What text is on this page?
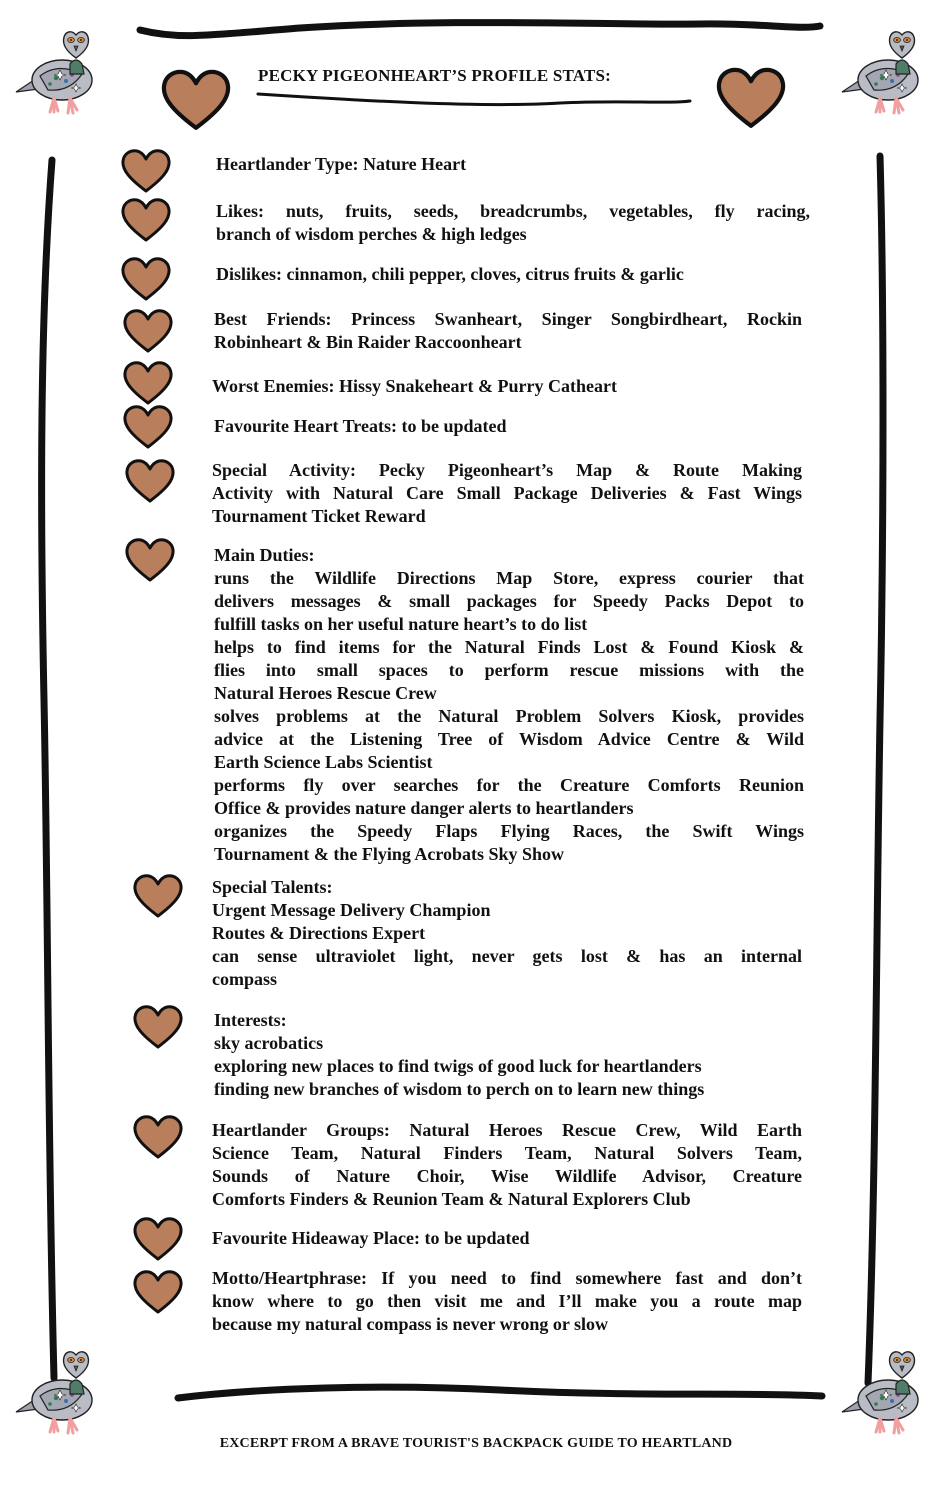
PECKY PIGEONHEART’S PROFILE STATS:
Heartlander Type: Nature Heart
Likes: nuts, fruits, seeds, breadcrumbs, vegetables, fly racing,
branch of wisdom perches & high ledges
Dislikes: cinnamon, chili pepper, cloves, citrus fruits & garlic
Best Friends: Princess Swanheart, Singer Songbirdheart, Rockin
Robinheart & Bin Raider Raccoonheart
Worst Enemies: Hissy Snakeheart & Purry Catheart
Favourite Heart Treats: to be updated
Special Activity: Pecky Pigeonheart’s Map & Route Making
Activity with Natural Care Small Package Deliveries & Fast Wings
Tournament Ticket Reward
Main Duties:
runs the Wildlife Directions Map Store, express courier that
delivers messages & small packages for Speedy Packs Depot to
fulfill tasks on her useful nature heart’s to do list
helps to find items for the Natural Finds Lost & Found Kiosk &
flies into small spaces to perform rescue missions with the
Natural Heroes Rescue Crew
solves problems at the Natural Problem Solvers Kiosk, provides
advice at the Listening Tree of Wisdom Advice Centre & Wild
Earth Science Labs Scientist
performs fly over searches for the Creature Comforts Reunion
Office & provides nature danger alerts to heartlanders
organizes the Speedy Flaps Flying Races, the Swift Wings
Tournament & the Flying Acrobats Sky Show
Special Talents:
Urgent Message Delivery Champion
Routes & Directions Expert
can sense ultraviolet light, never gets lost & has an internal
compass
Interests:
sky acrobatics
exploring new places to find twigs of good luck for heartlanders
finding new branches of wisdom to perch on to learn new things
Heartlander Groups: Natural Heroes Rescue Crew, Wild Earth
Science Team, Natural Finders Team, Natural Solvers Team,
Sounds of Nature Choir, Wise Wildlife Advisor, Creature
Comforts Finders & Reunion Team & Natural Explorers Club
Favourite Hideaway Place: to be updated
Motto/Heartphrase: If you need to find somewhere fast and don’t
know where to go then visit me and I’ll make you a route map
because my natural compass is never wrong or slow
EXCERPT FROM A BRAVE TOURIST'S BACKPACK GUIDE TO HEARTLAND
